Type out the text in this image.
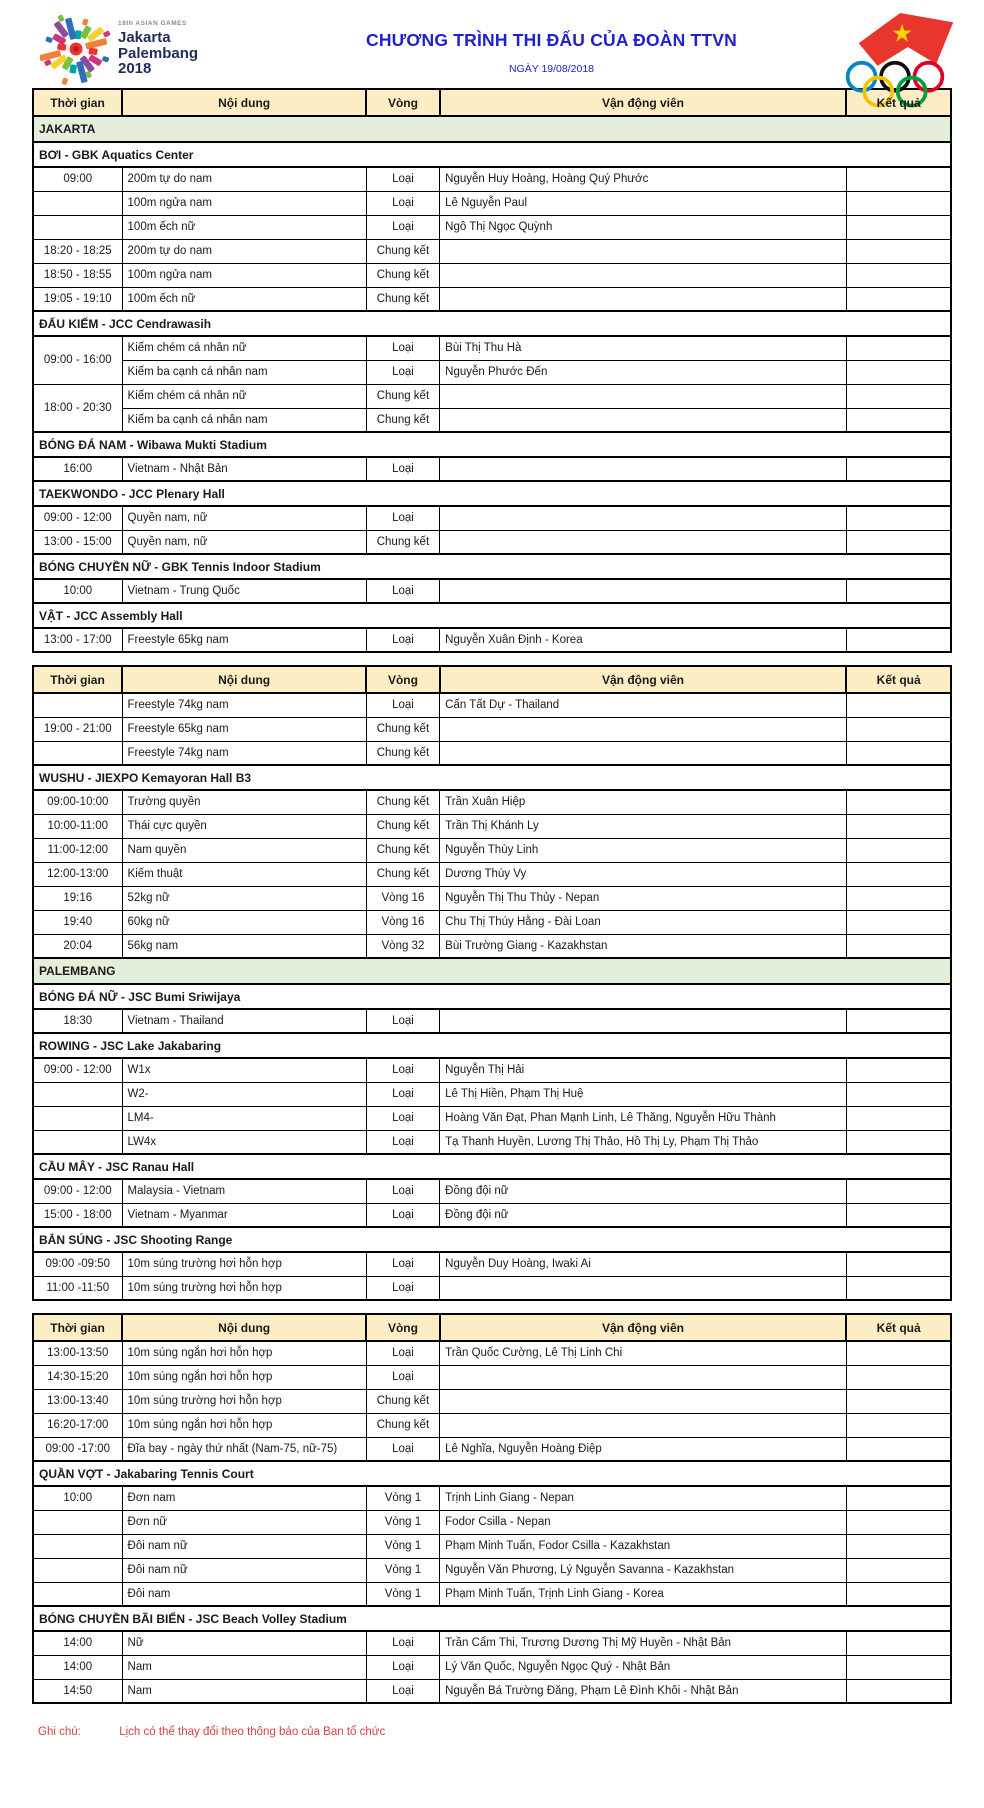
18th ASIAN GAMES
Jakarta
Palembang
2018
CHƯƠNG TRÌNH THI ĐẤU CỦA ĐOÀN TTVN
NGÀY 19/08/2018
★
Thời gian	Nội dung	Vòng	Vận động viên	Kết quả
JAKARTA				
BƠI - GBK Aquatics Center				
09:00	200m tự do nam	Loại	Nguyễn Huy Hoàng, Hoàng Quý Phước	
	100m ngửa nam	Loại	Lê Nguyễn Paul	
	100m ếch nữ	Loại	Ngô Thị Ngọc Quỳnh	
18:20 - 18:25	200m tự do nam	Chung kết		
18:50 - 18:55	100m ngửa nam	Chung kết		
19:05 - 19:10	100m ếch nữ	Chung kết		
ĐẤU KIẾM - JCC Cendrawasih				
09:00 - 16:00	Kiếm chém cá nhân nữ	Loại	Bùi Thị Thu Hà	
	Kiếm ba cạnh cá nhân nam	Loại	Nguyễn Phước Đến	
18:00 - 20:30	Kiếm chém cá nhân nữ	Chung kết		
	Kiếm ba cạnh cá nhân nam	Chung kết		
BÓNG ĐÁ NAM - Wibawa Mukti Stadium				
16:00	Vietnam - Nhật Bản	Loại		
TAEKWONDO - JCC Plenary Hall				
09:00 - 12:00	Quyền nam, nữ	Loại		
13:00 - 15:00	Quyền nam, nữ	Chung kết		
BÓNG CHUYỀN NỮ - GBK Tennis Indoor Stadium				
10:00	Vietnam - Trung Quốc	Loại		
VẬT - JCC Assembly Hall				
13:00 - 17:00	Freestyle 65kg nam	Loại	Nguyễn Xuân Định - Korea	
Thời gian	Nội dung	Vòng	Vận động viên	Kết quả
	Freestyle 74kg nam	Loại	Cấn Tất Dự - Thailand	
19:00 - 21:00	Freestyle 65kg nam	Chung kết		
	Freestyle 74kg nam	Chung kết		
WUSHU - JIEXPO Kemayoran Hall B3				
09:00-10:00	Trường quyền	Chung kết	Trần Xuân Hiệp	
10:00-11:00	Thái cực quyền	Chung kết	Trần Thị Khánh Ly	
11:00-12:00	Nam quyền	Chung kết	Nguyễn Thùy Linh	
12:00-13:00	Kiếm thuật	Chung kết	Dương Thúy Vy	
19:16	52kg nữ	Vòng 16	Nguyễn Thị Thu Thủy - Nepan	
19:40	60kg nữ	Vòng 16	Chu Thị Thúy Hằng - Đài Loan	
20:04	56kg nam	Vòng 32	Bùi Trường Giang - Kazakhstan	
PALEMBANG				
BÓNG ĐÁ NỮ - JSC Bumi Sriwijaya				
18:30	Vietnam - Thailand	Loại		
ROWING - JSC Lake Jakabaring				
09:00 - 12:00	W1x	Loại	Nguyễn Thị Hải	
	W2-	Loại	Lê Thị Hiền, Phạm Thị Huệ	
	LM4-	Loại	Hoàng Văn Đạt, Phan Mạnh Linh, Lê Thăng, Nguyễn Hữu Thành	
	LW4x	Loại	Tạ Thanh Huyền, Lương Thị Thảo, Hồ Thị Ly, Phạm Thị Thảo	
CẦU MÂY - JSC Ranau Hall				
09:00 - 12:00	Malaysia - Vietnam	Loại	Đồng đội nữ	
15:00 - 18:00	Vietnam - Myanmar	Loại	Đồng đội nữ	
BẮN SÚNG - JSC Shooting Range				
09:00 -09:50	10m súng trường hơi hỗn hợp	Loại	Nguyễn Duy Hoàng, Iwaki Ai	
11:00 -11:50	10m súng trường hơi hỗn hợp	Loại		
Thời gian	Nội dung	Vòng	Vận động viên	Kết quả
13:00-13:50	10m súng ngắn hơi hỗn hợp	Loại	Trần Quốc Cường, Lê Thị Linh Chi	
14:30-15:20	10m súng ngắn hơi hỗn hợp	Loại		
13:00-13:40	10m súng trường hơi hỗn hợp	Chung kết		
16:20-17:00	10m súng ngắn hơi hỗn hợp	Chung kết		
09:00 -17:00	Đĩa bay - ngày thứ nhất (Nam-75, nữ-75)	Loại	Lê Nghĩa, Nguyễn Hoàng Điệp	
QUẦN VỢT - Jakabaring Tennis Court				
10:00	Đơn nam	Vòng 1	Trịnh Linh Giang - Nepan	
	Đơn nữ	Vòng 1	Fodor Csilla - Nepan	
	Đôi nam nữ	Vòng 1	Phạm Minh Tuấn, Fodor Csilla - Kazakhstan	
	Đôi nam nữ	Vòng 1	Nguyễn Văn Phương, Lý Nguyễn Savanna - Kazakhstan	
	Đôi nam	Vòng 1	Phạm Minh Tuấn, Trịnh Linh Giang - Korea	
BÓNG CHUYỀN BÃI BIỂN - JSC Beach Volley Stadium				
14:00	Nữ	Loại	Trần Cẩm Thi, Trương Dương Thị Mỹ Huyền - Nhật Bản	
14:00	Nam	Loại	Lý Văn Quốc, Nguyễn Ngọc Quý - Nhật Bản	
14:50	Nam	Loại	Nguyễn Bá Trường Đăng, Phạm Lê Đình Khôi - Nhật Bản	
Ghi chú:	Lịch có thể thay đổi theo thông báo của Ban tổ chức
